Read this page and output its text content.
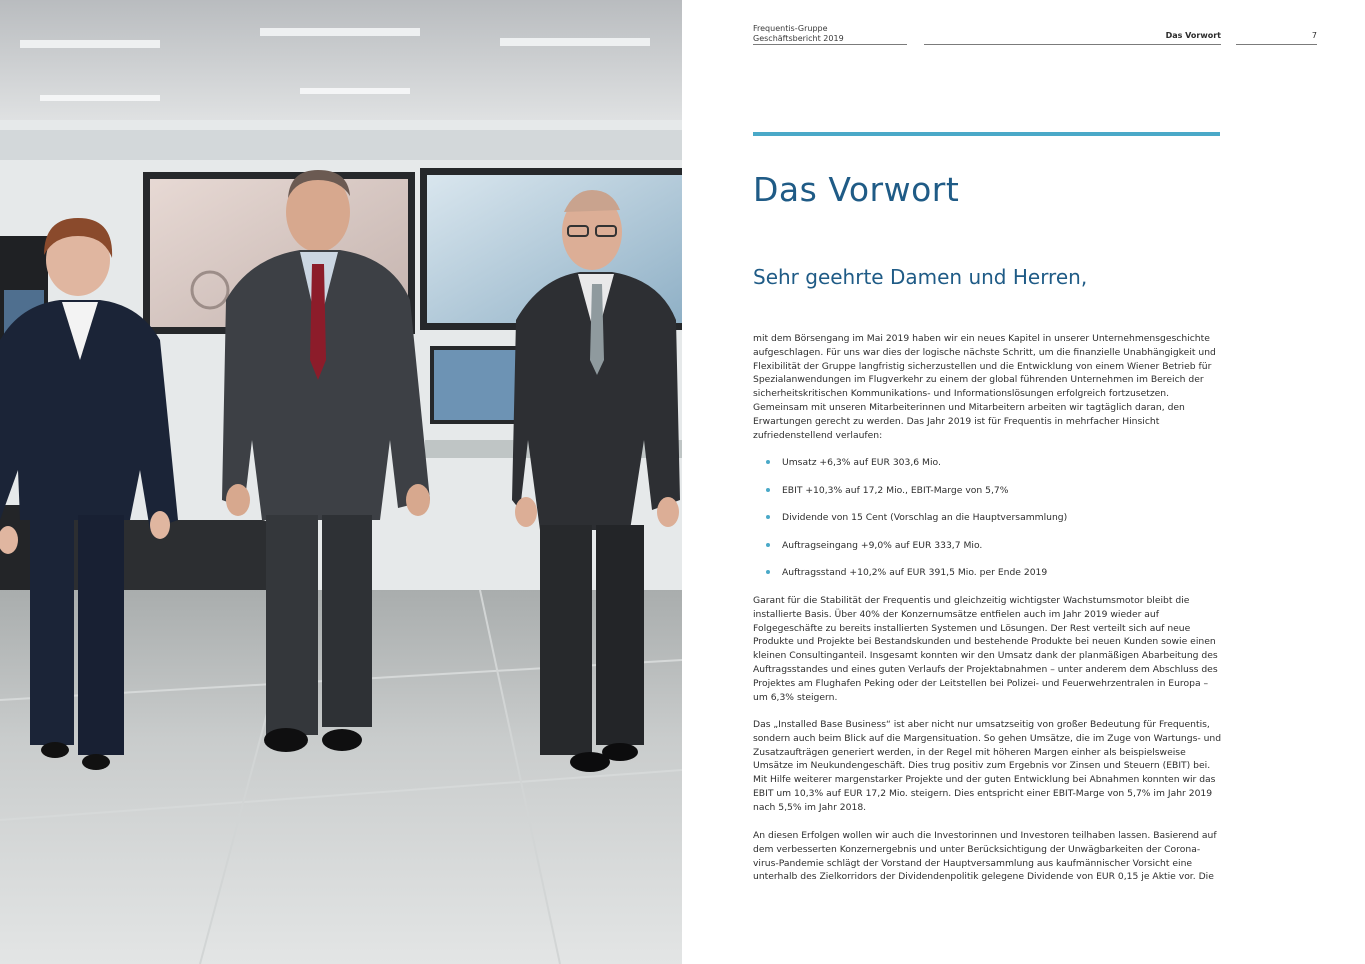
Frequentis-Gruppe
Geschäftsbericht 2019	Das Vorwort	7
Das Vorwort
Sehr geehrte Damen und Herren,

mit dem Börsengang im Mai 2019 haben wir ein neues Kapitel in unserer Unternehmensgeschichte aufgeschlagen. Für uns war dies der logische nächste Schritt, um die finanzielle Unabhängigkeit und Flexibilität der Gruppe langfristig sicherzustellen und die Entwicklung von einem Wiener Betrieb für Spezialanwendungen im Flugverkehr zu einem der global führenden Unternehmen im Bereich der sicherheitskritischen Kommunikations- und Informationslösungen erfolgreich fortzusetzen. Gemeinsam mit unseren Mitarbeiterinnen und Mitarbeitern arbeiten wir tagtäglich daran, den Erwartungen gerecht zu werden. Das Jahr 2019 ist für Frequentis in mehrfacher Hinsicht zufriedenstellend verlaufen:

Umsatz +6,3% auf EUR 303,6 Mio.
EBIT +10,3% auf 17,2 Mio., EBIT-Marge von 5,7%
Dividende von 15 Cent (Vorschlag an die Hauptversammlung)
Auftragseingang +9,0% auf EUR 333,7 Mio.
Auftragsstand +10,2% auf EUR 391,5 Mio. per Ende 2019

Garant für die Stabilität der Frequentis und gleichzeitig wichtigster Wachstumsmotor bleibt die installierte Basis. Über 40% der Konzernumsätze entfielen auch im Jahr 2019 wieder auf Folgegeschäfte zu bereits installierten Systemen und Lösungen. Der Rest verteilt sich auf neue Produkte und Projekte bei Bestandskunden und bestehende Produkte bei neuen Kunden sowie einen kleinen Consultinganteil. Insgesamt konnten wir den Umsatz dank der planmäßigen Abarbeitung des Auftragsstandes und eines guten Verlaufs der Projektabnahmen – unter anderem dem Abschluss des Projektes am Flughafen Peking oder der Leitstellen bei Polizei- und Feuerwehrzentralen in Europa – um 6,3% steigern.

Das „Installed Base Business“ ist aber nicht nur umsatzseitig von großer Bedeutung für Frequentis, sondern auch beim Blick auf die Margensituation. So gehen Umsätze, die im Zuge von Wartungs- und Zusatzaufträgen generiert werden, in der Regel mit höheren Margen einher als beispielsweise Umsätze im Neukundengeschäft. Dies trug positiv zum Ergebnis vor Zinsen und Steuern (EBIT) bei. Mit Hilfe weiterer margenstarker Projekte und der guten Entwicklung bei Abnahmen konnten wir das EBIT um 10,3% auf EUR 17,2 Mio. steigern. Dies entspricht einer EBIT-Marge von 5,7% im Jahr 2019 nach 5,5% im Jahr 2018.

An diesen Erfolgen wollen wir auch die Investorinnen und Investoren teilhaben lassen. Basierend auf dem verbesserten Konzernergebnis und unter Berücksichtigung der Unwägbarkeiten der Corona-virus-Pandemie schlägt der Vorstand der Hauptversammlung aus kaufmännischer Vorsicht eine unterhalb des Zielkorridors der Dividendenpolitik gelegene Dividende von EUR 0,15 je Aktie vor. Die
